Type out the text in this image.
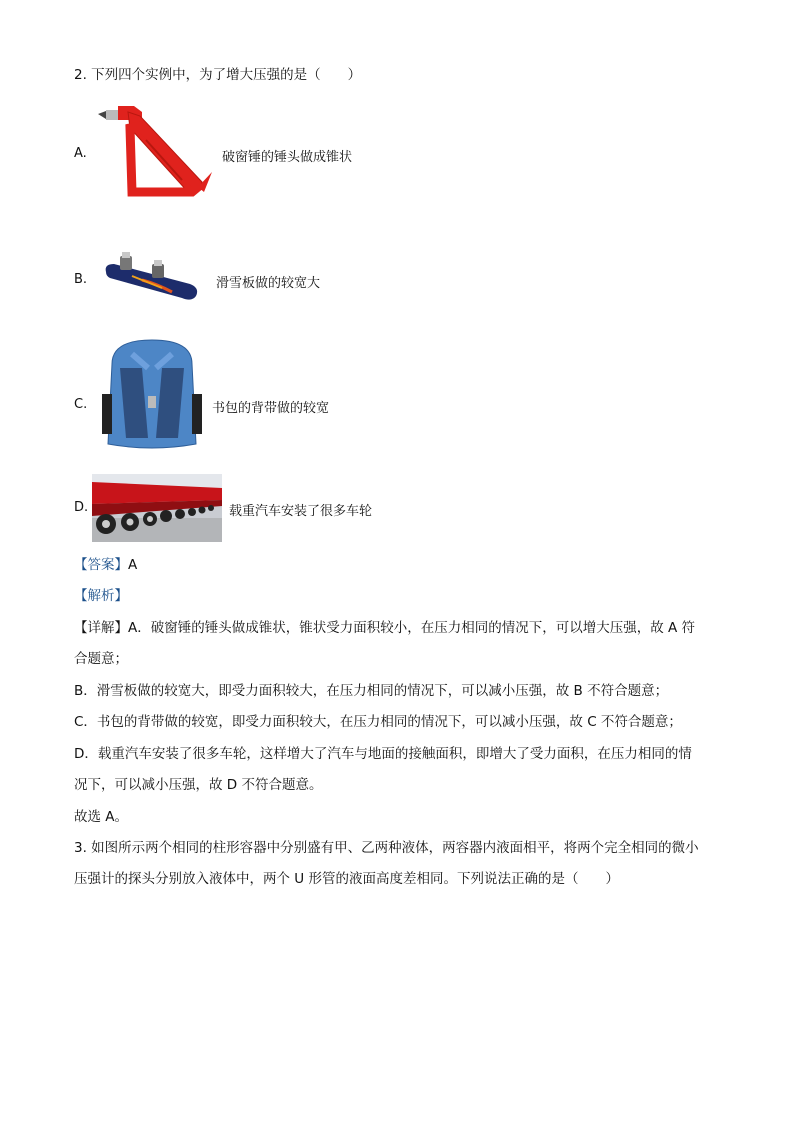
2. 下列四个实例中，为了增大压强的是（　　）
A.	破窗锤的锤头做成锥状
B.	滑雪板做的较宽大
C.	书包的背带做的较宽
D.	载重汽车安装了很多车轮
【答案】A
【解析】
【详解】A．破窗锤的锤头做成锥状，锥状受力面积较小，在压力相同的情况下，可以增大压强，故 A 符
合题意；
B．滑雪板做的较宽大，即受力面积较大，在压力相同的情况下，可以减小压强，故 B 不符合题意；
C．书包的背带做的较宽，即受力面积较大，在压力相同的情况下，可以减小压强，故 C 不符合题意；
D．载重汽车安装了很多车轮，这样增大了汽车与地面的接触面积，即增大了受力面积，在压力相同的情
况下，可以减小压强，故 D 不符合题意。
故选 A。
3. 如图所示两个相同的柱形容器中分别盛有甲、乙两种液体，两容器内液面相平，将两个完全相同的微小
压强计的探头分别放入液体中，两个 U 形管的液面高度差相同。下列说法正确的是（　　）
